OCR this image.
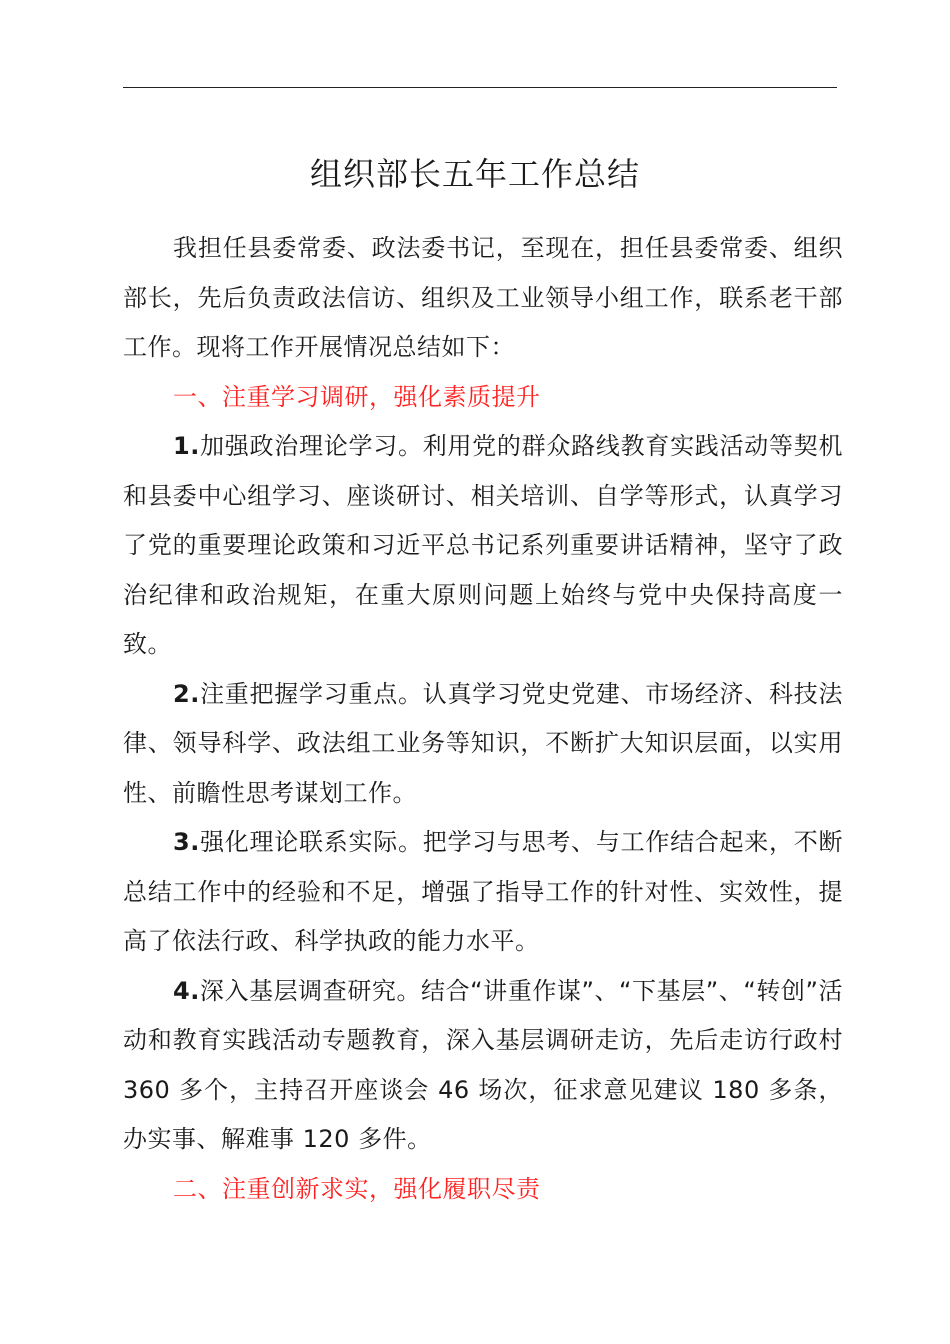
组织部长五年工作总结

我担任县委常委、政法委书记，至现在，担任县委常委、组织部长，先后负责政法信访、组织及工业领导小组工作，联系老干部工作。现将工作开展情况总结如下：

一、注重学习调研，强化素质提升

1.加强政治理论学习。利用党的群众路线教育实践活动等契机和县委中心组学习、座谈研讨、相关培训、自学等形式，认真学习了党的重要理论政策和习近平总书记系列重要讲话精神，坚守了政治纪律和政治规矩，在重大原则问题上始终与党中央保持高度一致。

2.注重把握学习重点。认真学习党史党建、市场经济、科技法律、领导科学、政法组工业务等知识，不断扩大知识层面，以实用性、前瞻性思考谋划工作。

3.强化理论联系实际。把学习与思考、与工作结合起来，不断总结工作中的经验和不足，增强了指导工作的针对性、实效性，提高了依法行政、科学执政的能力水平。

4.深入基层调查研究。结合“讲重作谋”、“下基层”、“转创”活动和教育实践活动专题教育，深入基层调研走访，先后走访行政村 360 多个，主持召开座谈会 46 场次，征求意见建议 180 多条，办实事、解难事 120 多件。

二、注重创新求实，强化履职尽责
